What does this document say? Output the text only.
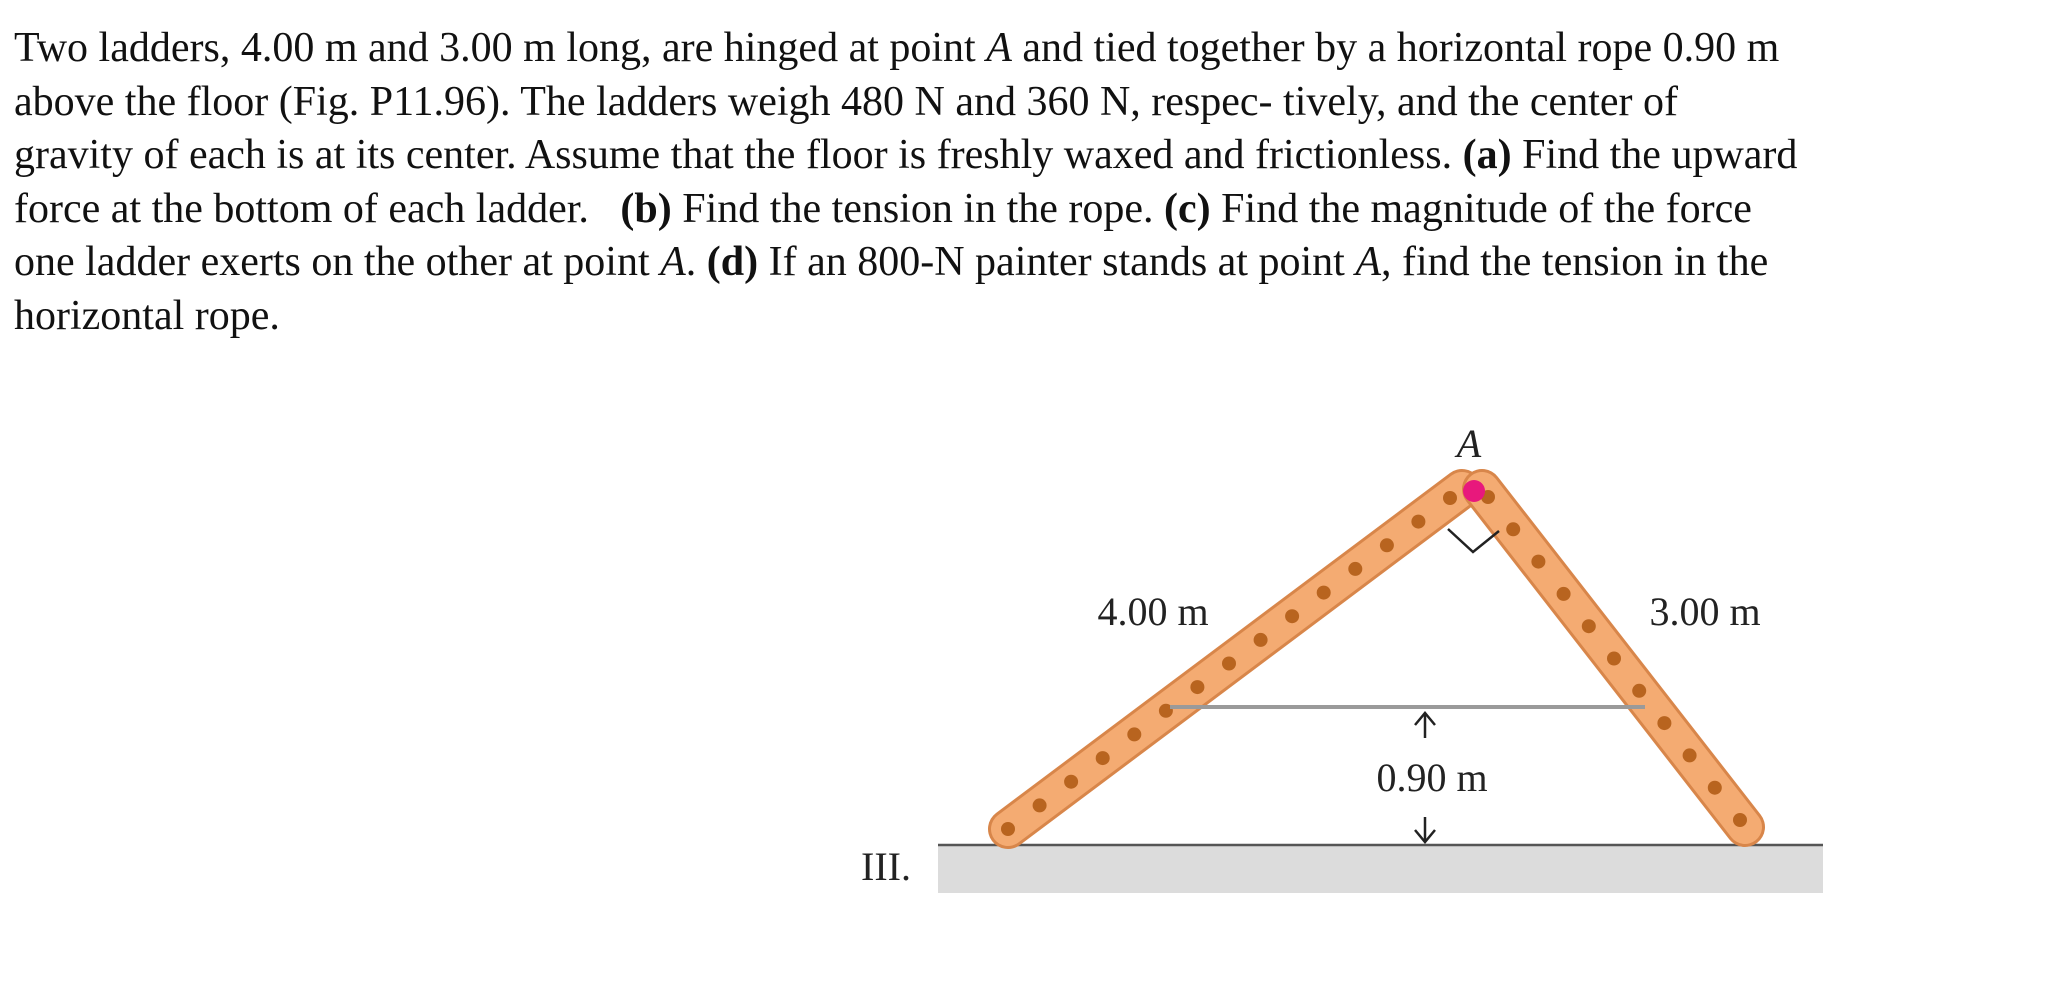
Two ladders, 4.00 m and 3.00 m long, are hinged at point A and tied together by a horizontal rope 0.90 m
above the floor (Fig. P11.96). The ladders weigh 480 N and 360 N, respec- tively, and the center of
gravity of each is at its center. Assume that the floor is freshly waxed and frictionless. (a) Find the upward
force at the bottom of each ladder.   (b) Find the tension in the rope. (c) Find the magnitude of the force
one ladder exerts on the other at point A. (d) If an 800-N painter stands at point A, find the tension in the
horizontal rope.
A
4.00 m	3.00 m
0.90 m
III.
